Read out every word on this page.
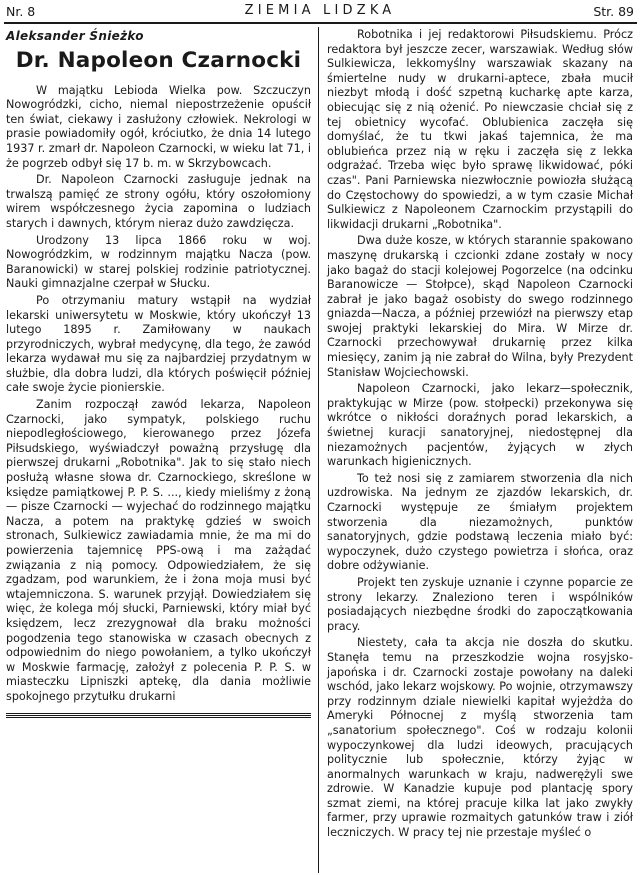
Nr. 8	ZIEMIA LIDZKA	Str. 89
Aleksander Śnieżko
Dr. Napoleon Czarnocki

W majątku Lebioda Wielka pow. Szczuczyn Nowogródzki, cicho, niemal niepostrzeżenie opuścił ten świat, ciekawy i zasłużony człowiek. Nekrologi w prasie powiadomiły ogół, króciutko, że dnia 14 lutego 1937 r. zmarł dr. Napoleon Czarnocki, w wieku lat 71, i że pogrzeb odbył się 17 b. m. w Skrzybowcach.

Dr. Napoleon Czarnocki zasługuje jednak na trwalszą pamięć ze strony ogółu, który oszołomiony wirem współczesnego życia zapomina o ludziach starych i dawnych, którym nieraz dużo zawdzięcza.

Urodzony 13 lipca 1866 roku w woj. Nowogródzkim, w rodzinnym majątku Nacza (pow. Baranowicki) w starej polskiej rodzinie patriotycznej. Nauki gimnazjalne czerpał w Słucku.

Po otrzymaniu matury wstąpił na wydział lekarski uniwersytetu w Moskwie, który ukończył 13 lutego 1895 r. Zamiłowany w naukach przyrodniczych, wybrał medycynę, dla tego, że zawód lekarza wydawał mu się za najbardziej przydatnym w służbie, dla dobra ludzi, dla których poświęcił później całe swoje życie pionierskie.

Zanim rozpoczął zawód lekarza, Napoleon Czarnocki, jako sympatyk, polskiego ruchu niepodległościowego, kierowanego przez Józefa Piłsudskiego, wyświadczył poważną przysługę dla pierwszej drukarni „Robotnika". Jak to się stało niech posłużą własne słowa dr. Czarnockiego, skreślone w księdze pamiątkowej P. P. S. ..., kiedy mieliśmy z żoną — pisze Czarnocki — wyjechać do rodzinnego majątku Nacza, a potem na praktykę gdzieś w swoich stronach, Sulkiewicz zawiadamia mnie, że ma mi do powierzenia tajemnicę PPS-ową i ma zażądać związania z nią pomocy. Odpowiedziałem, że się zgadzam, pod warunkiem, że i żona moja musi być wtajemniczona. S. warunek przyjął. Dowiedziałem się więc, że kolega mój słucki, Parniewski, który miał być księdzem, lecz zrezygnował dla braku możności pogodzenia tego stanowiska w czasach obecnych z odpowiednim do niego powołaniem, a tylko ukończył w Moskwie farmację, założył z polecenia P. P. S. w miasteczku Lipniszki aptekę, dla dania możliwie spokojnego przytułku drukarni

Robotnika i jej redaktorowi Piłsudskiemu. Prócz redaktora był jeszcze zecer, warszawiak. Według słów Sulkiewicza, lekkomyślny warszawiak skazany na śmiertelne nudy w drukarni-aptece, zbała mucił niezbyt młodą i dość szpetną kucharkę apte karza, obiecując się z nią ożenić. Po niewczasie chciał się z tej obietnicy wycofać. Oblubienica zaczęła się domyślać, że tu tkwi jakaś tajemnica, że ma oblubieńca przez nią w ręku i zaczęła się z lekka odgrażać. Trzeba więc było sprawę likwidować, póki czas". Pani Parniewska niezwłocznie powiozła służącą do Częstochowy do spowiedzi, a w tym czasie Michał Sulkiewicz z Napoleonem Czarnockim przystąpili do likwidacji drukarni „Robotnika".

Dwa duże kosze, w których starannie spakowano maszynę drukarską i czcionki zdane zostały w nocy jako bagaż do stacji kolejowej Pogorzelce (na odcinku Baranowicze — Stołpce), skąd Napoleon Czarnocki zabrał je jako bagaż osobisty do swego rodzinnego gniazda—Nacza, a później przewiózł na pierwszy etap swojej praktyki lekarskiej do Mira. W Mirze dr. Czarnocki przechowywał drukarnię przez kilka miesięcy, zanim ją nie zabrał do Wilna, były Prezydent Stanisław Wojciechowski.

Napoleon Czarnocki, jako lekarz—społecznik, praktykując w Mirze (pow. stołpecki) przekonywa się wkrótce o nikłości doraźnych porad lekarskich, a świetnej kuracji sanatoryjnej, niedostępnej dla niezamożnych pacjentów, żyjących w złych warunkach higienicznych.

To też nosi się z zamiarem stworzenia dla nich uzdrowiska. Na jednym ze zjazdów lekarskich, dr. Czarnocki występuje ze śmiałym projektem stworzenia dla niezamożnych, punktów sanatoryjnych, gdzie podstawą leczenia miało być: wypoczynek, dużo czystego powietrza i słońca, oraz dobre odżywianie.

Projekt ten zyskuje uznanie i czynne poparcie ze strony lekarzy. Znaleziono teren i wspólników posiadających niezbędne środki do zapoczątkowania pracy.

Niestety, cała ta akcja nie doszła do skutku. Stanęła temu na przeszkodzie wojna rosyjsko-japońska i dr. Czarnocki zostaje powołany na daleki wschód, jako lekarz wojskowy. Po wojnie, otrzymawszy przy rodzinnym dziale niewielki kapitał wyjeżdża do Ameryki Północnej z myślą stworzenia tam „sanatorium społecznego". Coś w rodzaju kolonii wypoczynkowej dla ludzi ideowych, pracujących politycznie lub społecznie, którzy żyjąc w anormalnych warunkach w kraju, nadwerężyli swe zdrowie. W Kanadzie kupuje pod plantację spory szmat ziemi, na której pracuje kilka lat jako zwykły farmer, przy uprawie rozmaitych gatunków traw i ziół leczniczych. W pracy tej nie przestaje myśleć o
